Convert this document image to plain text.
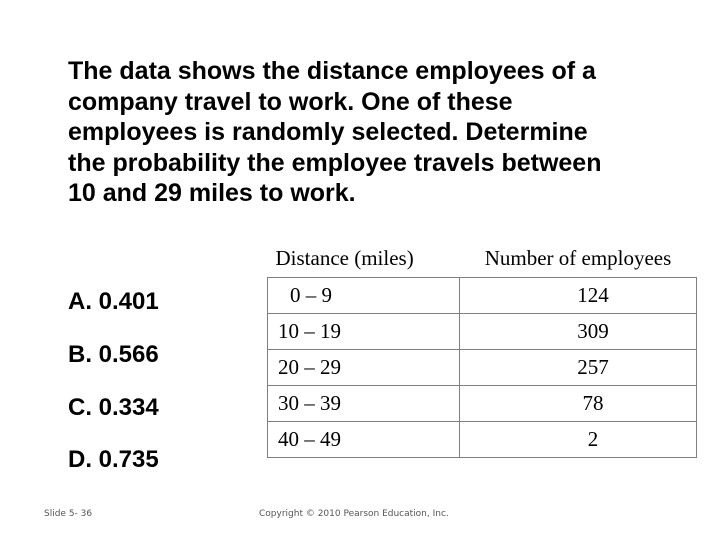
The data shows the distance employees of a
company travel to work. One of these
employees is randomly selected. Determine
the probability the employee travels between
10 and 29 miles to work.
A. 0.401
B. 0.566
C. 0.334
D. 0.735
Distance (miles)	Number of employees
0 – 9	124
10 – 19	309
20 – 29	257
30 – 39	78
40 – 49	2
Slide 5- 36	Copyright © 2010 Pearson Education, Inc.
